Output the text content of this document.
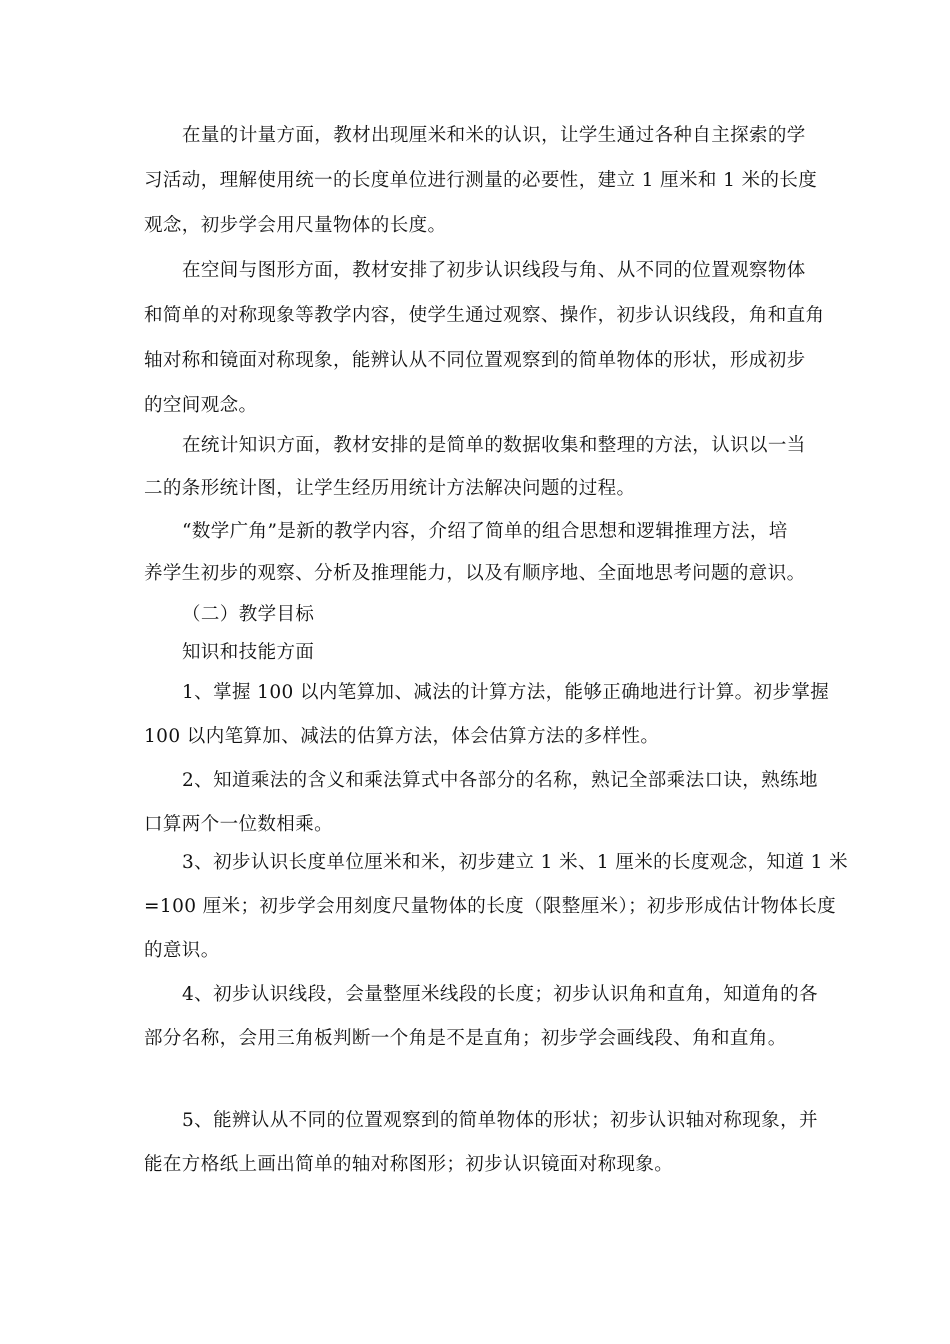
在量的计量方面，教材出现厘米和米的认识，让学生通过各种自主探索的学
习活动，理解使用统一的长度单位进行测量的必要性，建立 1 厘米和 1 米的长度
观念，初步学会用尺量物体的长度。
在空间与图形方面，教材安排了初步认识线段与角、从不同的位置观察物体
和简单的对称现象等教学内容，使学生通过观察、操作，初步认识线段，角和直角
轴对称和镜面对称现象，能辨认从不同位置观察到的简单物体的形状，形成初步
的空间观念。
在统计知识方面，教材安排的是简单的数据收集和整理的方法，认识以一当
二的条形统计图，让学生经历用统计方法解决问题的过程。
“数学广角”是新的教学内容，介绍了简单的组合思想和逻辑推理方法，培
养学生初步的观察、分析及推理能力，以及有顺序地、全面地思考问题的意识。
（二）教学目标
知识和技能方面
1、掌握 100 以内笔算加、减法的计算方法，能够正确地进行计算。初步掌握
100 以内笔算加、减法的估算方法，体会估算方法的多样性。
2、知道乘法的含义和乘法算式中各部分的名称，熟记全部乘法口诀，熟练地
口算两个一位数相乘。
3、初步认识长度单位厘米和米，初步建立 1 米、1 厘米的长度观念，知道 1 米
=100 厘米；初步学会用刻度尺量物体的长度（限整厘米）；初步形成估计物体长度
的意识。
4、初步认识线段，会量整厘米线段的长度；初步认识角和直角，知道角的各
部分名称，会用三角板判断一个角是不是直角；初步学会画线段、角和直角。
5、能辨认从不同的位置观察到的简单物体的形状；初步认识轴对称现象，并
能在方格纸上画出简单的轴对称图形；初步认识镜面对称现象。
